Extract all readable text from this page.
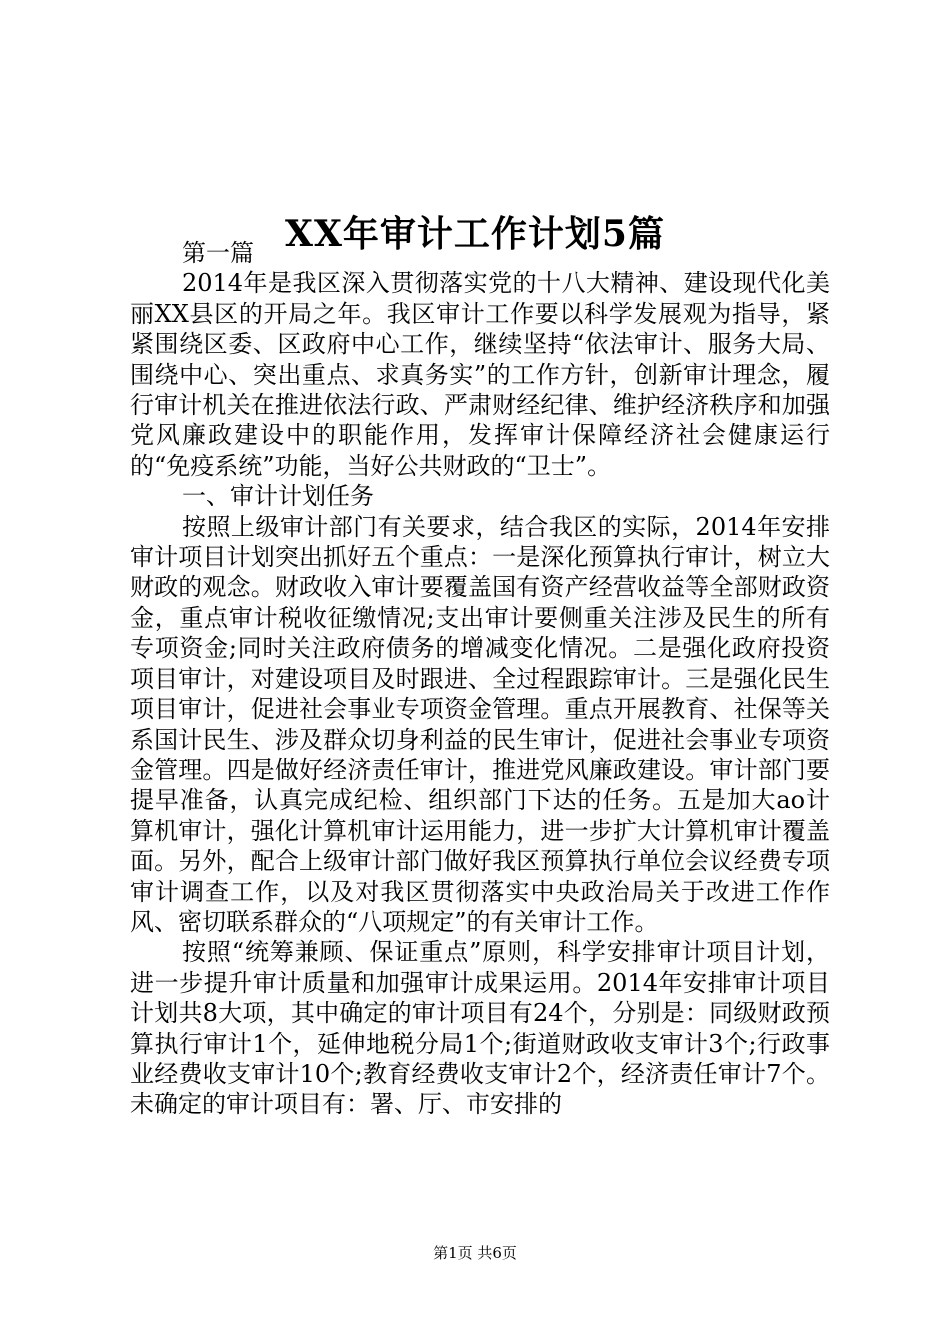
XX年审计工作计划5篇

第一篇

2014年是我区深入贯彻落实党的十八大精神、建设现代化美丽XX县区的开局之年。我区审计工作要以科学发展观为指导，紧紧围绕区委、区政府中心工作，继续坚持“依法审计、服务大局、围绕中心、突出重点、求真务实”的工作方针，创新审计理念，履行审计机关在推进依法行政、严肃财经纪律、维护经济秩序和加强党风廉政建设中的职能作用，发挥审计保障经济社会健康运行的“免疫系统”功能，当好公共财政的“卫士”。

一、审计计划任务

按照上级审计部门有关要求，结合我区的实际，2014年安排审计项目计划突出抓好五个重点：一是深化预算执行审计，树立大财政的观念。财政收入审计要覆盖国有资产经营收益等全部财政资金，重点审计税收征缴情况;支出审计要侧重关注涉及民生的所有专项资金;同时关注政府债务的增减变化情况。二是强化政府投资项目审计，对建设项目及时跟进、全过程跟踪审计。三是强化民生项目审计，促进社会事业专项资金管理。重点开展教育、社保等关系国计民生、涉及群众切身利益的民生审计，促进社会事业专项资金管理。四是做好经济责任审计，推进党风廉政建设。审计部门要提早准备，认真完成纪检、组织部门下达的任务。五是加大ao计算机审计，强化计算机审计运用能力，进一步扩大计算机审计覆盖面。另外，配合上级审计部门做好我区预算执行单位会议经费专项审计调查工作，以及对我区贯彻落实中央政治局关于改进工作作风、密切联系群众的“八项规定”的有关审计工作。

按照“统筹兼顾、保证重点”原则，科学安排审计项目计划，进一步提升审计质量和加强审计成果运用。2014年安排审计项目计划共8大项，其中确定的审计项目有24个，分别是：同级财政预算执行审计1个，延伸地税分局1个;街道财政收支审计3个;行政事业经费收支审计10个;教育经费收支审计2个，经济责任审计7个。未确定的审计项目有：署、厅、市安排的

第1页 共6页
